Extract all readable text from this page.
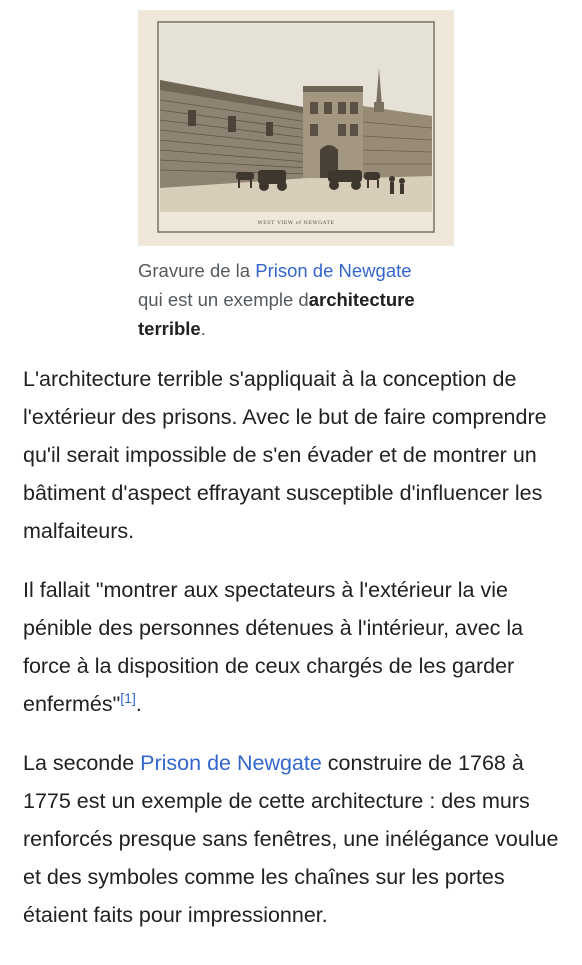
WEST VIEW of NEWGATE
Gravure de la Prison de Newgate
qui est un exemple darchitecture
terrible.

L'architecture terrible s'appliquait à la conception de l'extérieur des prisons. Avec le but de faire comprendre qu'il serait impossible de s'en évader et de montrer un bâtiment d'aspect effrayant susceptible d'influencer les malfaiteurs.

Il fallait "montrer aux spectateurs à l'extérieur la vie pénible des personnes détenues à l'intérieur, avec la force à la disposition de ceux chargés de les garder enfermés"[1].

La seconde Prison de Newgate construire de 1768 à 1775 est un exemple de cette architecture : des murs renforcés presque sans fenêtres, une inélégance voulue et des symboles comme les chaînes sur les portes étaient faits pour impressionner.
